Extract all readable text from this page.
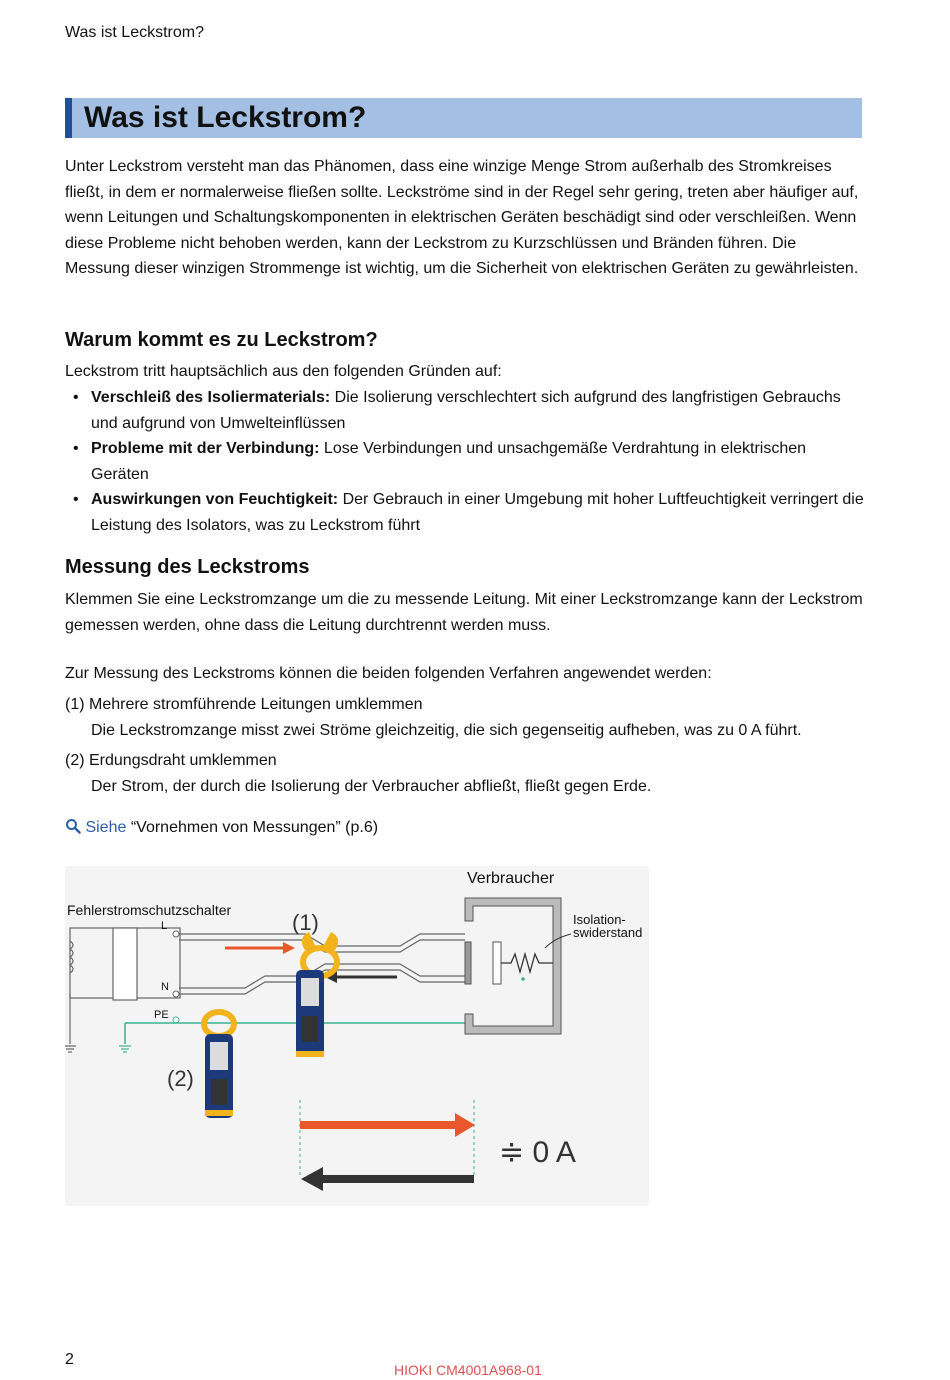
Was ist Leckstrom?
Was ist Leckstrom?

Unter Leckstrom versteht man das Phänomen, dass eine winzige Menge Strom außerhalb des Stromkreises fließt, in dem er normalerweise fließen sollte. Leckströme sind in der Regel sehr gering, treten aber häufiger auf, wenn Leitungen und Schaltungskomponenten in elektrischen Geräten beschädigt sind oder verschleißen. Wenn diese Probleme nicht behoben werden, kann der Leckstrom zu Kurzschlüssen und Bränden führen. Die Messung dieser winzigen Strommenge ist wichtig, um die Sicherheit von elektrischen Geräten zu gewährleisten.

Warum kommt es zu Leckstrom?

Leckstrom tritt hauptsächlich aus den folgenden Gründen auf:

• Verschleiß des Isoliermaterials: Die Isolierung verschlechtert sich aufgrund des langfristigen Gebrauchs und aufgrund von Umwelteinflüssen
• Probleme mit der Verbindung: Lose Verbindungen und unsachgemäße Verdrahtung in elektrischen Geräten
• Auswirkungen von Feuchtigkeit: Der Gebrauch in einer Umgebung mit hoher Luftfeuchtigkeit verringert die Leistung des Isolators, was zu Leckstrom führt
Messung des Leckstroms

Klemmen Sie eine Leckstromzange um die zu messende Leitung. Mit einer Leckstromzange kann der Leckstrom gemessen werden, ohne dass die Leitung durchtrennt werden muss.

Zur Messung des Leckstroms können die beiden folgenden Verfahren angewendet werden:

(1) Mehrere stromführende Leitungen umklemmen
Die Leckstromzange misst zwei Ströme gleichzeitig, die sich gegenseitig aufheben, was zu 0 A führt.
(2) Erdungsdraht umklemmen
Der Strom, der durch die Isolierung der Verbraucher abfließt, fließt gegen Erde.
Siehe “Vornehmen von Messungen” (p.6)
Fehlerstromschutzschalter
Verbraucher
Isolation-
swiderstand
L
N
PE
(1)
(2)
≑ 0 A
2
HIOKI CM4001A968-01
